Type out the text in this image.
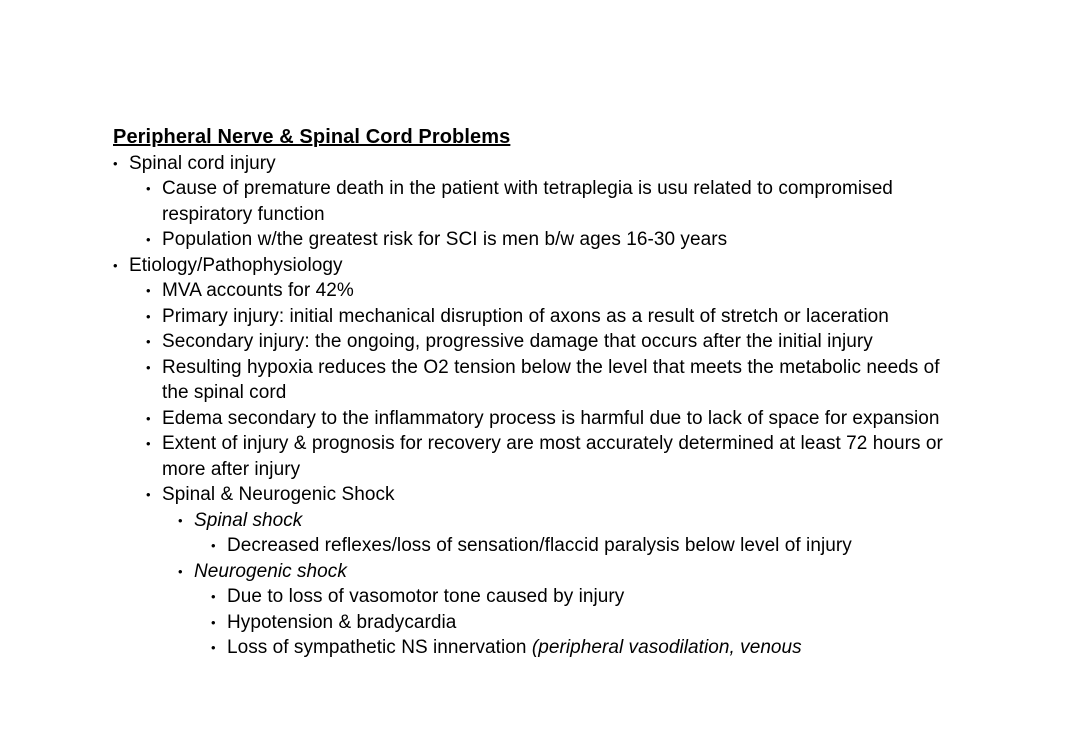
Peripheral Nerve & Spinal Cord Problems
• Spinal cord injury
• Cause of premature death in the patient with tetraplegia is usu related to compromised respiratory function
• Population w/the greatest risk for SCI is men b/w ages 16-30 years
• Etiology/Pathophysiology
• MVA accounts for 42%
• Primary injury: initial mechanical disruption of axons as a result of stretch or laceration
• Secondary injury: the ongoing, progressive damage that occurs after the initial injury
• Resulting hypoxia reduces the O2 tension below the level that meets the metabolic needs of the spinal cord
• Edema secondary to the inflammatory process is harmful due to lack of space for expansion
• Extent of injury & prognosis for recovery are most accurately determined at least 72 hours or more after injury
• Spinal & Neurogenic Shock
• Spinal shock
• Decreased reflexes/loss of sensation/flaccid paralysis below level of injury
• Neurogenic shock
• Due to loss of vasomotor tone caused by injury
• Hypotension & bradycardia
• Loss of sympathetic NS innervation (peripheral vasodilation, venous
